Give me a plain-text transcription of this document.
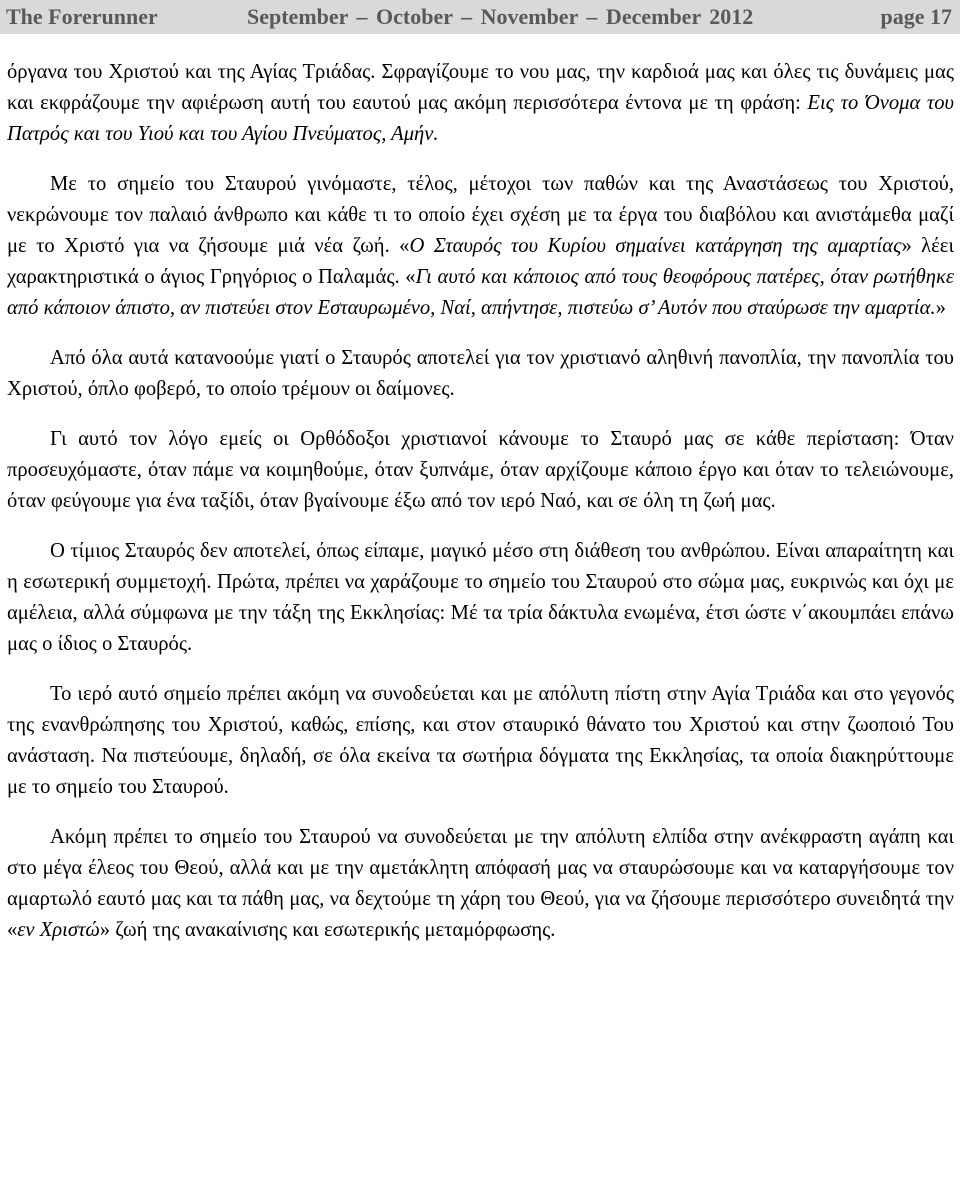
The Forerunner	September – October – November – December 2012	page 17

όργανα του Χριστού και της Αγίας Τριάδας. Σφραγίζουμε το νου μας, την καρδιοά μας και όλες τις δυνάμεις μας και εκφράζουμε την αφιέρωση αυτή του εαυτού μας ακόμη περισσότερα έντονα με τη φράση: Εις το Όνομα του Πατρός και του Υιού και του Αγίου Πνεύματος, Αμήν.

Με το σημείο του Σταυρού γινόμαστε, τέλος, μέτοχοι των παθών και της Αναστάσεως του Χριστού, νεκρώνουμε τον παλαιό άνθρωπο και κάθε τι το οποίο έχει σχέση με τα έργα του διαβόλου και ανιστάμεθα μαζί με το Χριστό για να ζήσουμε μιά νέα ζωή. «Ο Σταυρός του Κυρίου σημαίνει κατάργηση της αμαρτίας» λέει χαρακτηριστικά ο άγιος Γρηγόριος ο Παλαμάς. «Γι αυτό και κάποιος από τους θεοφόρους πατέρες, όταν ρωτήθηκε από κάποιον άπιστο, αν πιστεύει στον Εσταυρωμένο, Ναί, απήντησε, πιστεύω σ’ Αυτόν που σταύρωσε την αμαρτία.»

Από όλα αυτά κατανοούμε γιατί ο Σταυρός αποτελεί για τον χριστιανό αληθινή πανοπλία, την πανοπλία του Χριστού, όπλο φοβερό, το οποίο τρέμουν οι δαίμονες.

Γι αυτό τον λόγο εμείς οι Ορθόδοξοι χριστιανοί κάνουμε το Σταυρό μας σε κάθε περίσταση: Όταν προσευχόμαστε, όταν πάμε να κοιμηθούμε, όταν ξυπνάμε, όταν αρχίζουμε κάποιο έργο και όταν το τελειώνουμε, όταν φεύγουμε για ένα ταξίδι, όταν βγαίνουμε έξω από τον ιερό Ναό, και σε όλη τη ζωή μας.

Ο τίμιος Σταυρός δεν αποτελεί, όπως είπαμε, μαγικό μέσο στη διάθεση του ανθρώπου. Είναι απαραίτητη και η εσωτερική συμμετοχή. Πρώτα, πρέπει να χαράζουμε το σημείο του Σταυρού στο σώμα μας, ευκρινώς και όχι με αμέλεια, αλλά σύμφωνα με την τάξη της Εκκλησίας: Μέ τα τρία δάκτυλα ενωμένα, έτσι ώστε ν΄ακουμπάει επάνω μας ο ίδιος ο Σταυρός.

Το ιερό αυτό σημείο πρέπει ακόμη να συνοδεύεται και με απόλυτη πίστη στην Αγία Τριάδα και στο γεγονός της ενανθρώπησης του Χριστού, καθώς, επίσης, και στον σταυρικό θάνατο του Χριστού και στην ζωοποιό Του ανάσταση. Να πιστεύουμε, δηλαδή, σε όλα εκείνα τα σωτήρια δόγματα της Εκκλησίας, τα οποία διακηρύττουμε με το σημείο του Σταυρού.

Ακόμη πρέπει το σημείο του Σταυρού να συνοδεύεται με την απόλυτη ελπίδα στην ανέκφραστη αγάπη και στο μέγα έλεος του Θεού, αλλά και με την αμετάκλητη απόφασή μας να σταυρώσουμε και να καταργήσουμε τον αμαρτωλό εαυτό μας και τα πάθη μας, να δεχτούμε τη χάρη του Θεού, για να ζήσουμε περισσότερο συνειδητά την «εν Χριστώ» ζωή της ανακαίνισης και εσωτερικής μεταμόρφωσης.
